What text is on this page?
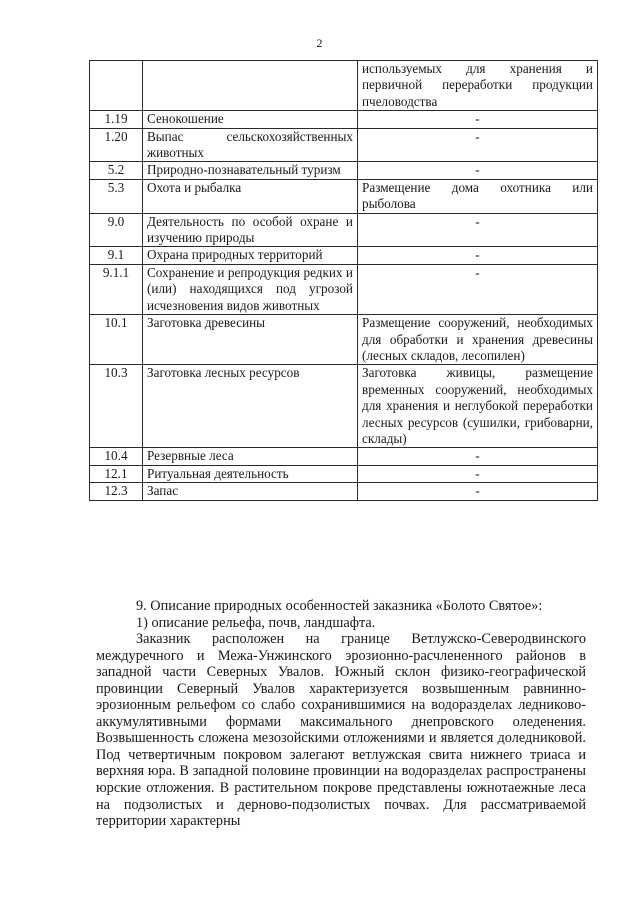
2
		используемых для хранения и первичной переработки продукции пчеловодства
1.19	Сенокошение	-
1.20	Выпас сельскохозяйственных животных	-
5.2	Природно-познавательный туризм	-
5.3	Охота и рыбалка	Размещение дома охотника или рыболова
9.0	Деятельность по особой охране и изучению природы	-
9.1	Охрана природных территорий	-
9.1.1	Сохранение и репродукция редких и (или) находящихся под угрозой исчезновения видов животных	-
10.1	Заготовка древесины	Размещение сооружений, необходимых для обработки и хранения древесины (лесных складов, лесопилен)
10.3	Заготовка лесных ресурсов	Заготовка живицы, размещение временных сооружений, необходимых для хранения и неглубокой переработки лесных ресурсов (сушилки, грибоварни, склады)
10.4	Резервные леса	-
12.1	Ритуальная деятельность	-
12.3	Запас	-

9. Описание природных особенностей заказника «Болото Святое»:

1) описание рельефа, почв, ландшафта.

Заказник расположен на границе Ветлужско-Северодвинского междуречного и Межа-Унжинского эрозионно-расчлененного районов в западной части Северных Увалов. Южный склон физико-географической провинции Северный Увалов характеризуется возвышенным равнинно-эрозионным рельефом со слабо сохранившимися на водоразделах ледниково-аккумулятивными формами максимального днепровского оледенения. Возвышенность сложена мезозойскими отложениями и является доледниковой. Под четвертичным покровом залегают ветлужская свита нижнего триаса и верхняя юра. В западной половине провинции на водоразделах распространены юрские отложения. В растительном покрове представлены южнотаежные леса на подзолистых и дерново-подзолистых почвах. Для рассматриваемой территории характерны
